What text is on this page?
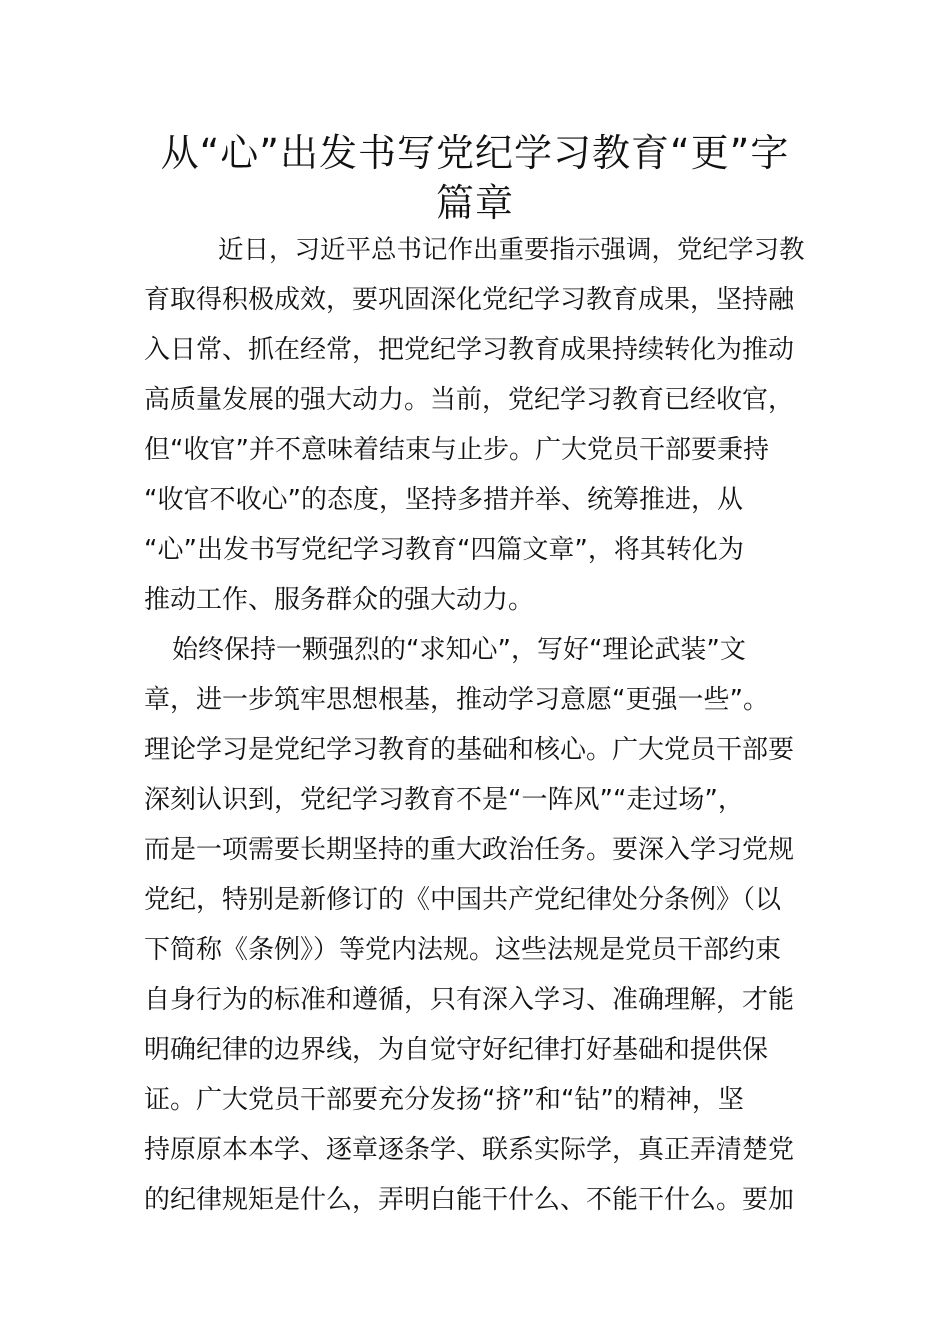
从“心”出发书写党纪学习教育“更”字
篇章
近日，习近平总书记作出重要指示强调，党纪学习教
育取得积极成效，要巩固深化党纪学习教育成果，坚持融
入日常、抓在经常，把党纪学习教育成果持续转化为推动
高质量发展的强大动力。当前，党纪学习教育已经收官，
但“收官”并不意味着结束与止步。广大党员干部要秉持
“收官不收心”的态度，坚持多措并举、统筹推进，从
“心”出发书写党纪学习教育“四篇文章”，将其转化为
推动工作、服务群众的强大动力。
始终保持一颗强烈的“求知心”，写好“理论武装”文
章，进一步筑牢思想根基，推动学习意愿“更强一些”。
理论学习是党纪学习教育的基础和核心。广大党员干部要
深刻认识到，党纪学习教育不是“一阵风”“走过场”，
而是一项需要长期坚持的重大政治任务。要深入学习党规
党纪，特别是新修订的《中国共产党纪律处分条例》（以
下简称《条例》）等党内法规。这些法规是党员干部约束
自身行为的标准和遵循，只有深入学习、准确理解，才能
明确纪律的边界线，为自觉守好纪律打好基础和提供保
证。广大党员干部要充分发扬“挤”和“钻”的精神，坚
持原原本本学、逐章逐条学、联系实际学，真正弄清楚党
的纪律规矩是什么，弄明白能干什么、不能干什么。要加
